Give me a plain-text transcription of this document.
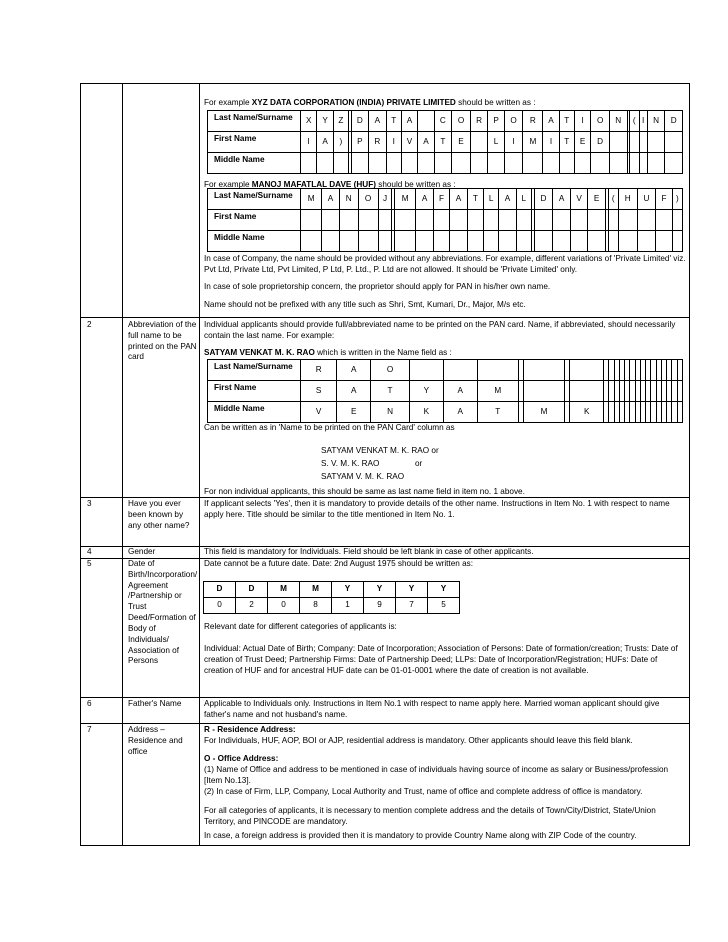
For example XYZ DATA CORPORATION (INDIA) PRIVATE LIMITED should be written as :
Last Name/Surname	X	Y	Z		D	A	T	A		C	O	R	P	O	R	A	T	I	O	N		(	I	N	D
First Name	I	A	)		P	R	I	V	A	T	E		L	I	M	I	T	E	D						
Middle Name																									
For example MANOJ MAFATLAL DAVE (HUF) should be written as :
Last Name/Surname	M	A	N	O	J		M	A	F	A	T	L	A	L		D	A	V	E		(	H	U	F	)
First Name																									
Middle Name																									
In case of Company, the name should be provided without any abbreviations. For example, different variations of 'Private Limited' viz. Pvt Ltd, Private Ltd, Pvt Limited, P Ltd, P. Ltd., P. Ltd are not allowed. It should be 'Private Limited' only.
In case of sole proprietorship concern, the proprietor should apply for PAN in his/her own name.
Name should not be prefixed with any title such as Shri, Smt, Kumari, Dr., Major, M/s etc.
2	Abbreviation of the full name to be printed on the PAN card
Individual applicants should provide full/abbreviated name to be printed on the PAN card. Name, if abbreviated, should necessarily contain the last name. For example:
SATYAM VENKAT M. K. RAO which is written in the Name field as :
Last Name/Surname	R	A	O																						
First Name	S	A	T	Y	A	M																			
Middle Name	V	E	N	K	A	T		M		K															
Can be written as in 'Name to be printed on the PAN Card' column as
SATYAM VENKAT M. K. RAO or
S. V. M. K. RAO	or
SATYAM V. M. K. RAO
For non individual applicants, this should be same as last name field in item no. 1 above.
3	Have you ever been known by any other name?
If applicant selects 'Yes', then it is mandatory to provide details of the other name. Instructions in Item No. 1 with respect to name apply here. Title should be similar to the title mentioned in Item No. 1.
4	Gender	This field is mandatory for Individuals. Field should be left blank in case of other applicants.
5	Date of Birth/Incorporation/ Agreement /Partnership or Trust Deed/Formation of Body of Individuals/ Association of Persons
Date cannot be a future date. Date: 2nd August 1975 should be written as:
D	D	M	M	Y	Y	Y	Y
0	2	0	8	1	9	7	5
Relevant date for different categories of applicants is:
Individual: Actual Date of Birth; Company: Date of Incorporation; Association of Persons: Date of formation/creation; Trusts: Date of creation of Trust Deed; Partnership Firms: Date of Partnership Deed; LLPs: Date of Incorporation/Registration; HUFs: Date of creation of HUF and for ancestral HUF date can be 01-01-0001 where the date of creation is not available.
6	Father's Name	Applicable to Individuals only. Instructions in Item No.1 with respect to name apply here. Married woman applicant should give father's name and not husband's name.
7	Address – Residence and office
R - Residence Address:
For Individuals, HUF, AOP, BOI or AJP, residential address is mandatory. Other applicants should leave this field blank.
O - Office Address:
(1) Name of Office and address to be mentioned in case of individuals having source of income as salary or Business/profession [Item No.13].
(2) In case of Firm, LLP, Company, Local Authority and Trust, name of office and complete address of office is mandatory.
For all categories of applicants, it is necessary to mention complete address and the details of Town/City/District, State/Union Territory, and PINCODE are mandatory.
In case, a foreign address is provided then it is mandatory to provide Country Name along with ZIP Code of the country.
